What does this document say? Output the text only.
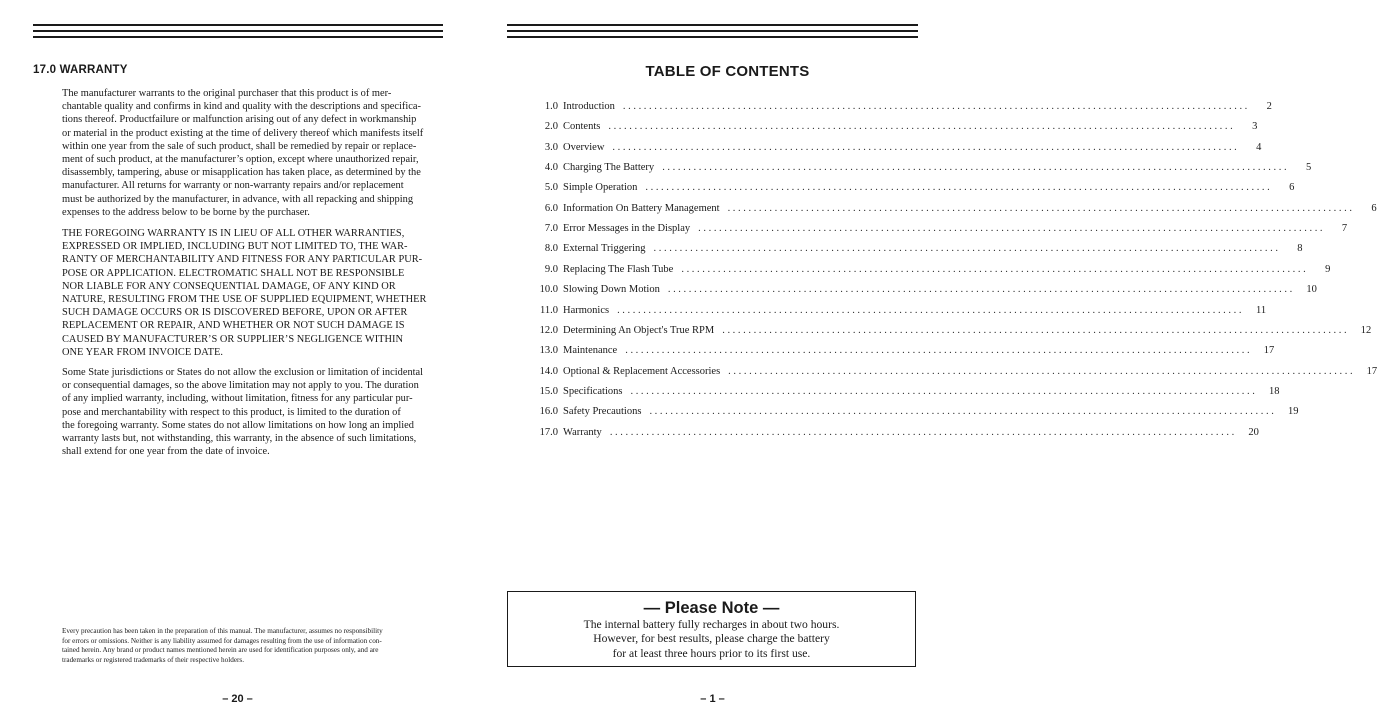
17.0 WARRANTY

The manufacturer warrants to the original purchaser that this product is of mer-
chantable quality and confirms in kind and quality with the descriptions and specifica-
tions thereof. Productfailure or malfunction arising out of any defect in workmanship
or material in the product existing at the time of delivery thereof which manifests itself
within one year from the sale of such product, shall be remedied by repair or replace-
ment of such product, at the manufacturer’s option, except where unauthorized repair,
disassembly, tampering, abuse or misapplication has taken place, as determined by the
manufacturer. All returns for warranty or non-warranty repairs and/or replacement
must be authorized by the manufacturer, in advance, with all repacking and shipping
expenses to the address below to be borne by the purchaser.

THE FOREGOING WARRANTY IS IN LIEU OF ALL OTHER WARRANTIES,
EXPRESSED OR IMPLIED, INCLUDING BUT NOT LIMITED TO, THE WAR-
RANTY OF MERCHANTABILITY AND FITNESS FOR ANY PARTICULAR PUR-
POSE OR APPLICATION. ELECTROMATIC SHALL NOT BE RESPONSIBLE
NOR LIABLE FOR ANY CONSEQUENTIAL DAMAGE, OF ANY KIND OR
NATURE, RESULTING FROM THE USE OF SUPPLIED EQUIPMENT, WHETHER
SUCH DAMAGE OCCURS OR IS DISCOVERED BEFORE, UPON OR AFTER
REPLACEMENT OR REPAIR, AND WHETHER OR NOT SUCH DAMAGE IS
CAUSED BY MANUFACTURER’S OR SUPPLIER’S NEGLIGENCE WITHIN
ONE YEAR FROM INVOICE DATE.

Some State jurisdictions or States do not allow the exclusion or limitation of incidental
or consequential damages, so the above limitation may not apply to you. The duration
of any implied warranty, including, without limitation, fitness for any particular pur-
pose and merchantability with respect to this product, is limited to the duration of
the foregoing warranty. Some states do not allow limitations on how long an implied
warranty lasts but, not withstanding, this warranty, in the absence of such limitations,
shall extend for one year from the date of invoice.

Every precaution has been taken in the preparation of this manual. The manufacturer, assumes no responsibility
for errors or omissions. Neither is any liability assumed for damages resulting from the use of information con-
tained herein. Any brand or product names mentioned herein are used for identification purposes only, and are
trademarks or registered trademarks of their respective holders.

– 20 –
TABLE OF CONTENTS
1.0 Introduction ........................................................................................................................	2
2.0 Contents ........................................................................................................................	3
3.0 Overview ........................................................................................................................	4
4.0 Charging The Battery ........................................................................................................................	5
5.0 Simple Operation ........................................................................................................................	6
6.0 Information On Battery Management ........................................................................................................................	6
7.0 Error Messages in the Display ........................................................................................................................	7
8.0 External Triggering ........................................................................................................................	8
9.0 Replacing The Flash Tube ........................................................................................................................	9
10.0 Slowing Down Motion ........................................................................................................................	10
11.0 Harmonics ........................................................................................................................	11
12.0 Determining An Object's True RPM ........................................................................................................................	12
13.0 Maintenance ........................................................................................................................	17
14.0 Optional & Replacement Accessories ........................................................................................................................	17
15.0 Specifications ........................................................................................................................	18
16.0 Safety Precautions ........................................................................................................................	19
17.0 Warranty ........................................................................................................................	20
— Please Note —
The internal battery fully recharges in about two hours.
However, for best results, please charge the battery
for at least three hours prior to its first use.
– 1 –
